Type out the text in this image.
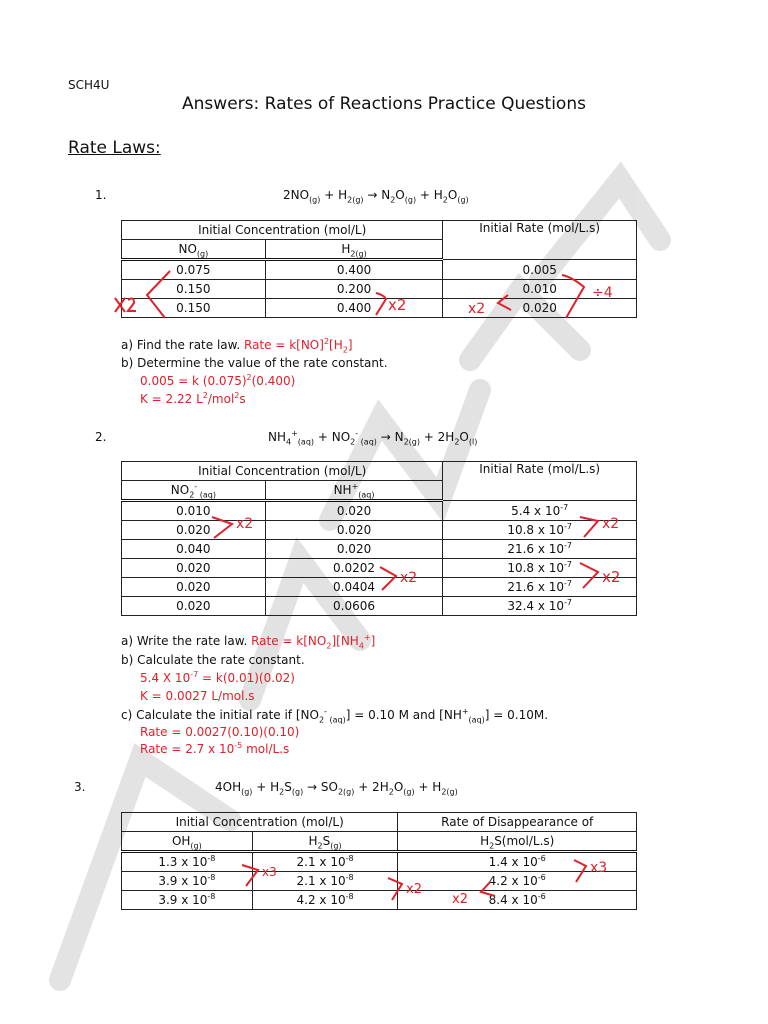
SCH4U
Answers: Rates of Reactions Practice Questions
Rate Laws:
1.	$2NO_{(g)} + H_{2(g)} \to N_2O_{(g)} + H_2O_{(g)}$
Initial Concentration (mol/L)		Initial Rate (mol/L.s)
$NO_{(g)}$	$H_{2(g)}$
0.075	0.400	0.005
0.150	0.200	0.010
0.150	0.400	0.020
a) Find the rate law. Rate = $k[NO]^2[H_2]$
b) Determine the value of the rate constant.
0.005 = k $(0.075)^2(0.400)$
K = 2.22 $L^2/mol^2s$
2.	$NH_4^+_{(aq)} + NO_2^-$ $_{(aq)} \to N_{2(g)} + 2H_2O_{(l)}$
Initial Concentration (mol/L)		Initial Rate (mol/L.s)
$NO_2^-$ $_{(aq)}$	$NH^+_{(aq)}$
0.010	0.020	5.4 x $10^{-7}$
0.020	0.020	10.8 x $10^{-7}$
0.040	0.020	21.6 x $10^{-7}$
0.020	0.0202	10.8 x $10^{-7}$
0.020	0.0404	21.6 x $10^{-7}$
0.020	0.0606	32.4 x $10^{-7}$
a) Write the rate law. Rate = $k[NO_2][NH_4^+]$
b) Calculate the rate constant.
5.4 X $10^{-7} = k(0.01)(0.02)$
K = 0.0027 L/mol.s
c) Calculate the initial rate if [$NO_2^-$ $_{(aq)}$] = 0.10 M and $[NH^+_{(aq)}] = 0.10M$.
Rate = 0.0027(0.10)(0.10)
Rate = 2.7 x $10^{-5}$ mol/L.s
3.	$4OH_{(g)} + H_2S_{(g)} \to SO_{2(g)} + 2H_2O_{(g)} + H_{2(g)}$
Initial Concentration (mol/L)		Rate of Disappearance of
$OH_{(g)}$	$H_2S_{(g)}$	$H_2S(mol/L.s)$
1.3 x $10^{-8}$	2.1 x $10^{-8}$	1.4 x $10^{-6}$
3.9 x $10^{-8}$	2.1 x $10^{-8}$	4.2 x $10^{-6}$
3.9 x $10^{-8}$	4.2 x $10^{-8}$	8.4 x $10^{-6}$
x2
÷4
x2
x2	x2
x2	x2
x3
x2
x3
x2
